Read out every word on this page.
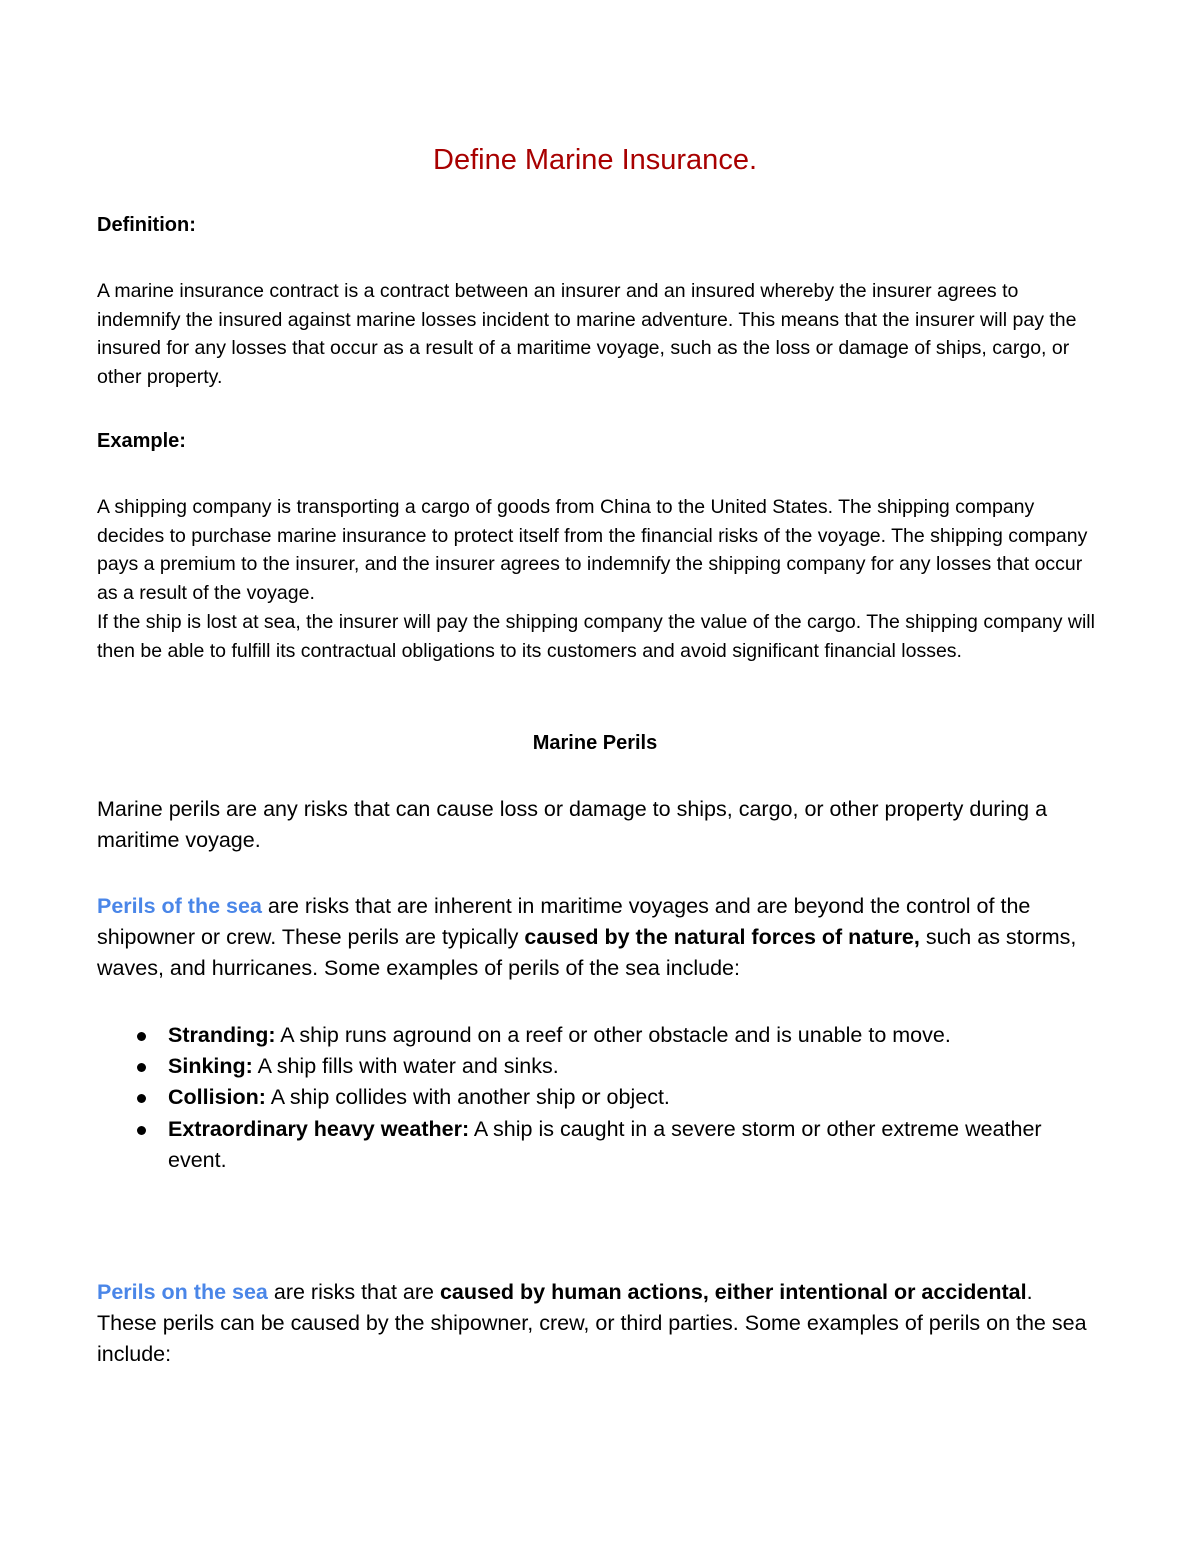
Define Marine Insurance.

Definition:

A marine insurance contract is a contract between an insurer and an insured whereby the insurer agrees to indemnify the insured against marine losses incident to marine adventure. This means that the insurer will pay the insured for any losses that occur as a result of a maritime voyage, such as the loss or damage of ships, cargo, or other property.

Example:

A shipping company is transporting a cargo of goods from China to the United States. The shipping company decides to purchase marine insurance to protect itself from the financial risks of the voyage. The shipping company pays a premium to the insurer, and the insurer agrees to indemnify the shipping company for any losses that occur as a result of the voyage.
If the ship is lost at sea, the insurer will pay the shipping company the value of the cargo. The shipping company will then be able to fulfill its contractual obligations to its customers and avoid significant financial losses.
Marine Perils

Marine perils are any risks that can cause loss or damage to ships, cargo, or other property during a maritime voyage.

Perils of the sea are risks that are inherent in maritime voyages and are beyond the control of the shipowner or crew. These perils are typically caused by the natural forces of nature, such as storms, waves, and hurricanes. Some examples of perils of the sea include:

Stranding: A ship runs aground on a reef or other obstacle and is unable to move.
Sinking: A ship fills with water and sinks.
Collision: A ship collides with another ship or object.
Extraordinary heavy weather: A ship is caught in a severe storm or other extreme weather event.

Perils on the sea are risks that are caused by human actions, either intentional or accidental. These perils can be caused by the shipowner, crew, or third parties. Some examples of perils on the sea include:
